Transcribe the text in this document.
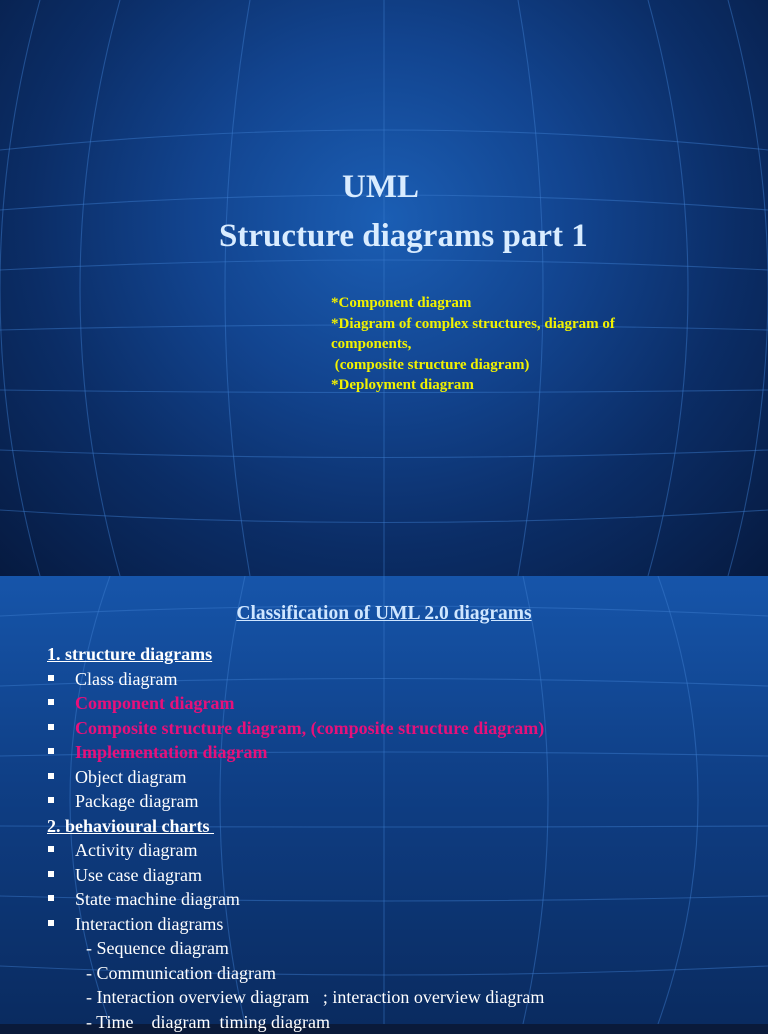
UML
Structure diagrams part 1
*Component diagram
*Diagram of complex structures, diagram of components,
(composite structure diagram)
*Deployment diagram
Classification of UML 2.0 diagrams
1. structure diagrams
Class diagram
Component diagram
Composite structure diagram, (composite structure diagram)
Implementation diagram
Object diagram
Package diagram
2. behavioural charts
Activity diagram
Use case diagram
State machine diagram
Interaction diagrams
- Sequence diagram
- Communication diagram
- Interaction overview diagram   ; interaction overview diagram
- Time    diagram  timing diagram
